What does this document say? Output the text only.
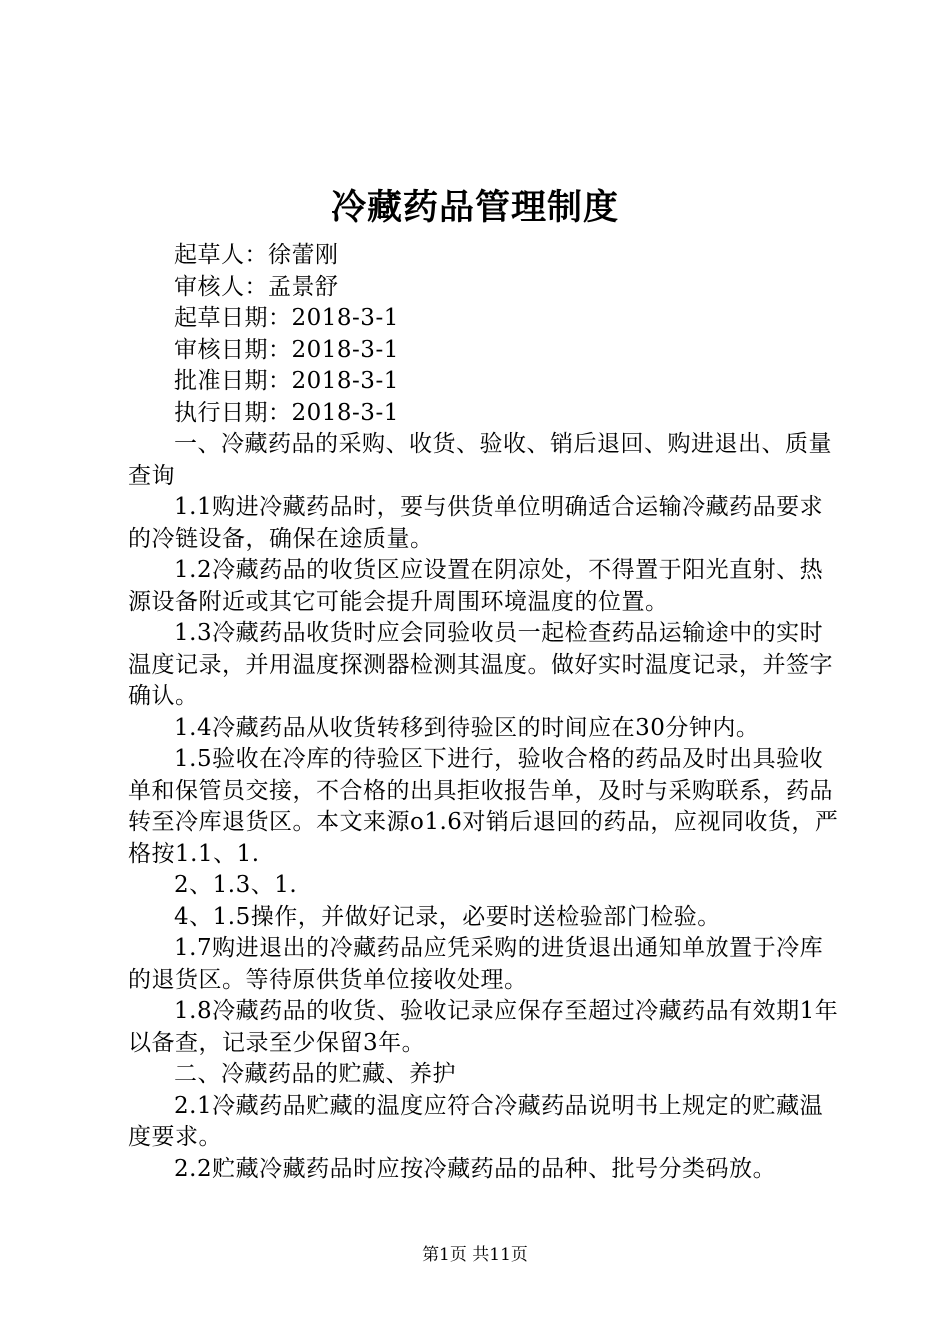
冷藏药品管理制度

起草人：徐蕾刚

审核人：孟景舒

起草日期：2018-3-1

审核日期：2018-3-1

批准日期：2018-3-1

执行日期：2018-3-1

一、冷藏药品的采购、收货、验收、销后退回、购进退出、质量查询

1.1购进冷藏药品时，要与供货单位明确适合运输冷藏药品要求的冷链设备，确保在途质量。

1.2冷藏药品的收货区应设置在阴凉处，不得置于阳光直射、热源设备附近或其它可能会提升周围环境温度的位置。

1.3冷藏药品收货时应会同验收员一起检查药品运输途中的实时温度记录，并用温度探测器检测其温度。做好实时温度记录，并签字确认。

1.4冷藏药品从收货转移到待验区的时间应在30分钟内。

1.5验收在冷库的待验区下进行，验收合格的药品及时出具验收单和保管员交接，不合格的出具拒收报告单，及时与采购联系，药品转至冷库退货区。本文来源o1.6对销后退回的药品，应视同收货，严格按1.1、1.

2、1.3、1.

4、1.5操作，并做好记录，必要时送检验部门检验。

1.7购进退出的冷藏药品应凭采购的进货退出通知单放置于冷库的退货区。等待原供货单位接收处理。

1.8冷藏药品的收货、验收记录应保存至超过冷藏药品有效期1年以备查，记录至少保留3年。

二、冷藏药品的贮藏、养护

2.1冷藏药品贮藏的温度应符合冷藏药品说明书上规定的贮藏温度要求。

2.2贮藏冷藏药品时应按冷藏药品的品种、批号分类码放。

第1页 共11页
